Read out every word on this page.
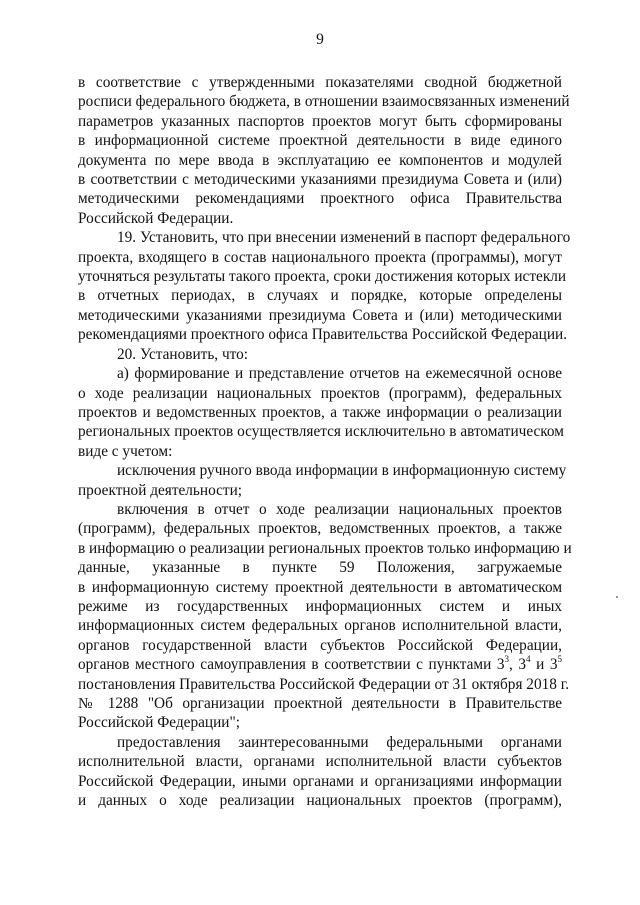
9

в соответствие с утвержденными показателями сводной бюджетной
росписи федерального бюджета, в отношении взаимосвязанных изменений
параметров указанных паспортов проектов могут быть сформированы
в информационной системе проектной деятельности в виде единого
документа по мере ввода в эксплуатацию ее компонентов и модулей
в соответствии с методическими указаниями президиума Совета и (или)
методическими рекомендациями проектного офиса Правительства
Российской Федерации.

19. Установить, что при внесении изменений в паспорт федерального
проекта, входящего в состав национального проекта (программы), могут
уточняться результаты такого проекта, сроки достижения которых истекли
в отчетных периодах, в случаях и порядке, которые определены
методическими указаниями президиума Совета и (или) методическими
рекомендациями проектного офиса Правительства Российской Федерации.

20. Установить, что:

а) формирование и представление отчетов на ежемесячной основе
о ходе реализации национальных проектов (программ), федеральных
проектов и ведомственных проектов, а также информации о реализации
региональных проектов осуществляется исключительно в автоматическом
виде с учетом:

исключения ручного ввода информации в информационную систему
проектной деятельности;

включения в отчет о ходе реализации национальных проектов
(программ), федеральных проектов, ведомственных проектов, а также
в информацию о реализации региональных проектов только информацию и
данные, указанные в пункте 59 Положения, загружаемые
в информационную систему проектной деятельности в автоматическом
режиме из государственных информационных систем и иных
информационных систем федеральных органов исполнительной власти,
органов государственной власти субъектов Российской Федерации,
органов местного самоуправления в соответствии с пунктами $3^3$, $3^4$ и $3^5$
постановления Правительства Российской Федерации от 31 октября 2018 г.
№ 1288 "Об организации проектной деятельности в Правительстве
Российской Федерации";

предоставления заинтересованными федеральными органами
исполнительной власти, органами исполнительной власти субъектов
Российской Федерации, иными органами и организациями информации
и данных о ходе реализации национальных проектов (программ),
